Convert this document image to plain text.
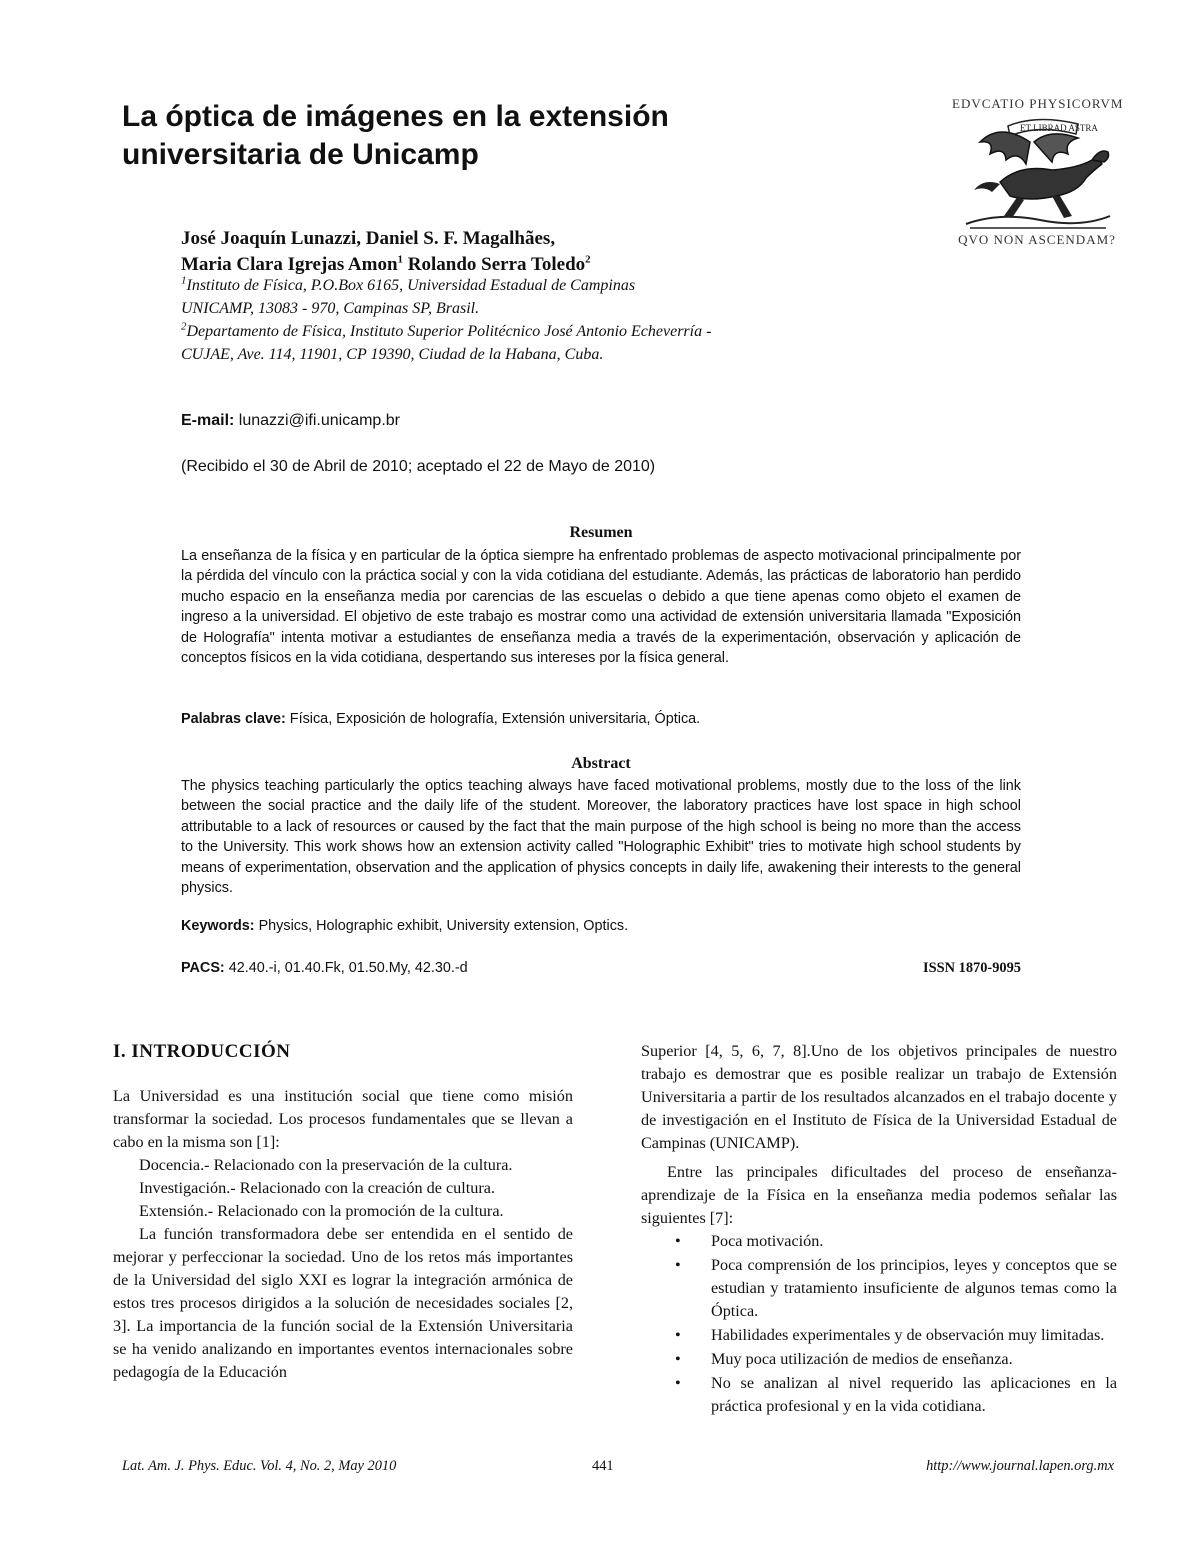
La óptica de imágenes en la extensión
universitaria de Unicamp
EDVCATIO PHYSICORVM
ET LIBRAD ASTRA
QVO NON ASCENDAM?
José Joaquín Lunazzi, Daniel S. F. Magalhães,
Maria Clara Igrejas Amon$^1$ Rolando Serra Toledo$^2$
$^1$Instituto de Física, P.O.Box 6165, Universidad Estadual de Campinas
UNICAMP, 13083 - 970, Campinas SP, Brasil.
$^2$Departamento de Física, Instituto Superior Politécnico José Antonio Echeverría -
CUJAE, Ave. 114, 11901, CP 19390, Ciudad de la Habana, Cuba.
E-mail: lunazzi@ifi.unicamp.br
(Recibido el 30 de Abril de 2010; aceptado el 22 de Mayo de 2010)
Resumen
La enseñanza de la física y en particular de la óptica siempre ha enfrentado problemas de aspecto motivacional principalmente por la pérdida del vínculo con la práctica social y con la vida cotidiana del estudiante. Además, las prácticas de laboratorio han perdido mucho espacio en la enseñanza media por carencias de las escuelas o debido a que tiene apenas como objeto el examen de ingreso a la universidad. El objetivo de este trabajo es mostrar como una actividad de extensión universitaria llamada "Exposición de Holografía" intenta motivar a estudiantes de enseñanza media a través de la experimentación, observación y aplicación de conceptos físicos en la vida cotidiana, despertando sus intereses por la física general.
Palabras clave: Física, Exposición de holografía, Extensión universitaria, Óptica.
Abstract
The physics teaching particularly the optics teaching always have faced motivational problems, mostly due to the loss of the link between the social practice and the daily life of the student. Moreover, the laboratory practices have lost space in high school attributable to a lack of resources or caused by the fact that the main purpose of the high school is being no more than the access to the University. This work shows how an extension activity called "Holographic Exhibit" tries to motivate high school students by means of experimentation, observation and the application of physics concepts in daily life, awakening their interests to the general physics.
Keywords: Physics, Holographic exhibit, University extension, Optics.
PACS: 42.40.-i, 01.40.Fk, 01.50.My, 42.30.-d	ISSN 1870-9095
I. INTRODUCCIÓN

La Universidad es una institución social que tiene como misión transformar la sociedad. Los procesos fundamentales que se llevan a cabo en la misma son [1]:

Docencia.- Relacionado con la preservación de la cultura.

Investigación.- Relacionado con la creación de cultura.

Extensión.- Relacionado con la promoción de la cultura.

La función transformadora debe ser entendida en el sentido de mejorar y perfeccionar la sociedad. Uno de los retos más importantes de la Universidad del siglo XXI es lograr la integración armónica de estos tres procesos dirigidos a la solución de necesidades sociales [2, 3]. La importancia de la función social de la Extensión Universitaria se ha venido analizando en importantes eventos internacionales sobre pedagogía de la Educación

Superior [4, 5, 6, 7, 8].Uno de los objetivos principales de nuestro trabajo es demostrar que es posible realizar un trabajo de Extensión Universitaria a partir de los resultados alcanzados en el trabajo docente y de investigación en el Instituto de Física de la Universidad Estadual de Campinas (UNICAMP).

Entre las principales dificultades del proceso de enseñanza-aprendizaje de la Física en la enseñanza media podemos señalar las siguientes [7]:

• Poca motivación.
• Poca comprensión de los principios, leyes y conceptos que se estudian y tratamiento insuficiente de algunos temas como la Óptica.
• Habilidades experimentales y de observación muy limitadas.
• Muy poca utilización de medios de enseñanza.
• No se analizan al nivel requerido las aplicaciones en la práctica profesional y en la vida cotidiana.
Lat. Am. J. Phys. Educ. Vol. 4, No. 2, May 2010	441	http://www.journal.lapen.org.mx
